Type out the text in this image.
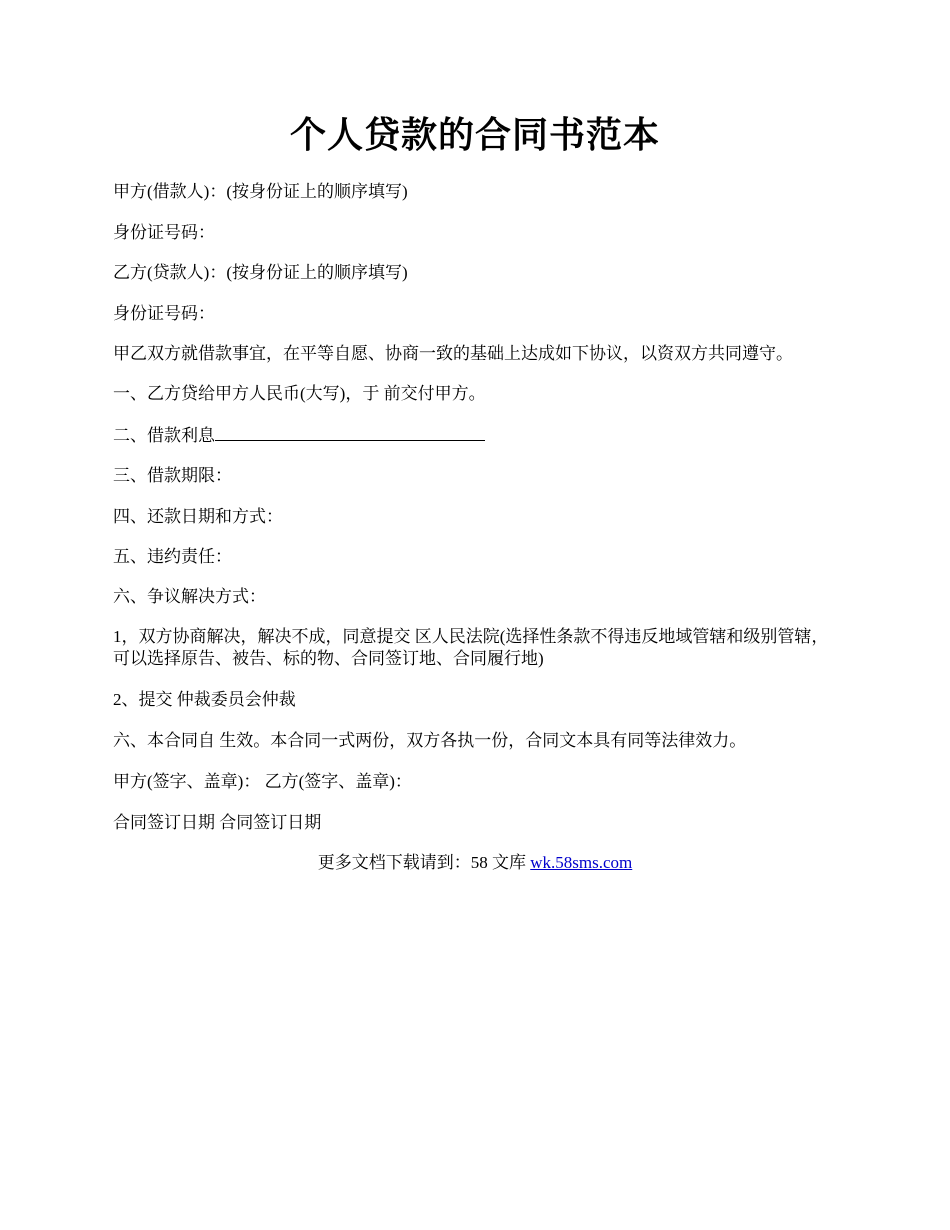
个人贷款的合同书范本
甲方(借款人)：(按身份证上的顺序填写)
身份证号码：
乙方(贷款人)：(按身份证上的顺序填写)
身份证号码：
甲乙双方就借款事宜，在平等自愿、协商一致的基础上达成如下协议，以资双方共同遵守。
一、乙方贷给甲方人民币(大写)，于 前交付甲方。
二、借款利息
三、借款期限：
四、还款日期和方式：
五、违约责任：
六、争议解决方式：
1，双方协商解决，解决不成，同意提交 区人民法院(选择性条款不得违反地域管辖和级别管辖，可以选择原告、被告、标的物、合同签订地、合同履行地)
2、提交 仲裁委员会仲裁
六、本合同自 生效。本合同一式两份，双方各执一份，合同文本具有同等法律效力。
甲方(签字、盖章)： 乙方(签字、盖章)：
合同签订日期 合同签订日期
更多文档下载请到：58 文库 wk.58sms.com
